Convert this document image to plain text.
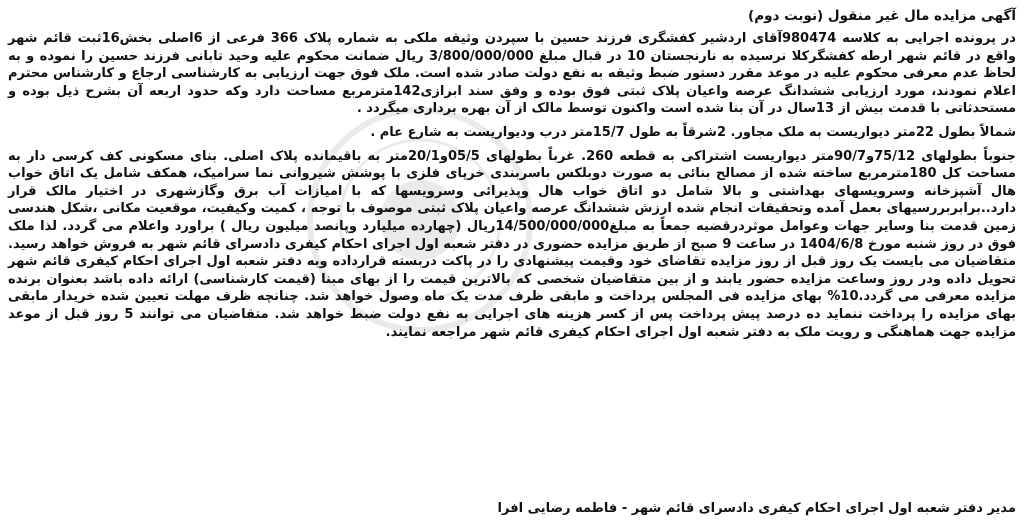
آگهی مزایده مال غیر منقول (نوبت دوم)

در پرونده اجرایی به کلاسه 980474آقای اردشیر کفشگری فرزند حسین با سپردن وثیقه ملکی به شماره پلاک 366 فرعی از 6اصلی بخش16ثبت قائم شهر واقع در قائم شهر ارطه کفشگرکلا نرسیده به نارنجستان 10 در قبال مبلغ 3/800/000/000 ریال ضمانت محکوم علیه وحید تابانی فرزند حسین را نموده و به لحاظ عدم معرفی محکوم علیه در موعد مقرر دستور ضبط وثیقه به نفع دولت صادر شده است. ملک فوق جهت ارزیابی به کارشناسی ارجاع و کارشناس محترم اعلام نمودند، مورد ارزیابی ششدانگ عرصه واعیان پلاک ثبتی فوق بوده و وفق سند ابرازی142مترمربع مساحت دارد وکه حدود اربعه آن بشرح ذیل بوده و مستحدثاتی با قدمت بیش از 13سال در آن بنا شده است واکنون توسط مالک از آن بهره برداری میگردد .

شمالاً بطول 22متر دیواریست به ملک مجاور. 2شرقاً به طول 15/7متر درب ودیواریست به شارع عام .

جنوباً بطولهای 75/12و90/7متر دیواریست اشتراکی به قطعه 260. غرباً بطولهای 05/5و20/1متر به باقیمانده پلاک اصلی. بنای مسکونی کف کرسی دار به مساحت کل 180مترمربع ساخته شده از مصالح بنائی به صورت دوبلکس باسربندی خرپای فلزی با پوشش شیروانی نما سرامیک، همکف شامل یک اتاق خواب هال آشپزخانه وسرویسهای بهداشتی و بالا شامل دو اتاق خواب هال وپذیرائی وسرویسها که با امیازات آب برق وگازشهری در اختیار مالک قرار دارد..برابربررسیهای بعمل آمده وتحقیقات انجام شده ارزش ششدانگ عرصه واعیان پلاک ثبتی موصوف با توجه ، کمیت وکیفیت، موقعیت مکانی ،شکل هندسی زمین قدمت بنا وسایر جهات وعوامل موثردرقضیه جمعاً به مبلغ14/500/000/000ریال (چهارده میلیارد وپانصد میلیون ریال ) براورد واعلام می گردد. لذا ملک فوق در روز شنبه مورخ 1404/6/8 در ساعت 9 صبح از طریق مزایده حضوری در دفتر شعبه اول اجرای احکام کیفری دادسرای قائم شهر به فروش خواهد رسید. متقاضیان می بایست یک روز قبل از روز مزایده تقاضای خود وقیمت پیشنهادی را در پاکت دربسته قرارداده وبه دفتر شعبه اول اجرای احکام کیفری قائم شهر تحویل داده ودر روز وساعت مزایده حضور یابند و از بین متقاضیان شخصی که بالاترین قیمت را از بهای مبنا (قیمت کارشناسی) ارائه داده باشد بعنوان برنده مزایده معرفی می گردد.10% بهای مزایده فی المجلس پرداخت و مابقی ظرف مدت یک ماه وصول خواهد شد. چنانچه ظرف مهلت تعیین شده خریدار مابقی بهای مزایده را پرداخت ننماید ده درصد پیش پرداخت پس از کسر هزینه های اجرایی به نفع دولت ضبط خواهد شد. متقاضیان می توانند 5 روز قبل از موعد مزایده جهت هماهنگی و رویت ملک به دفتر شعبه اول اجرای احکام کیفری قائم شهر مراجعه نمایند.

مدیر دفتر شعبه اول اجرای احکام کیفری دادسرای قائم شهر - فاطمه رضایی افرا
